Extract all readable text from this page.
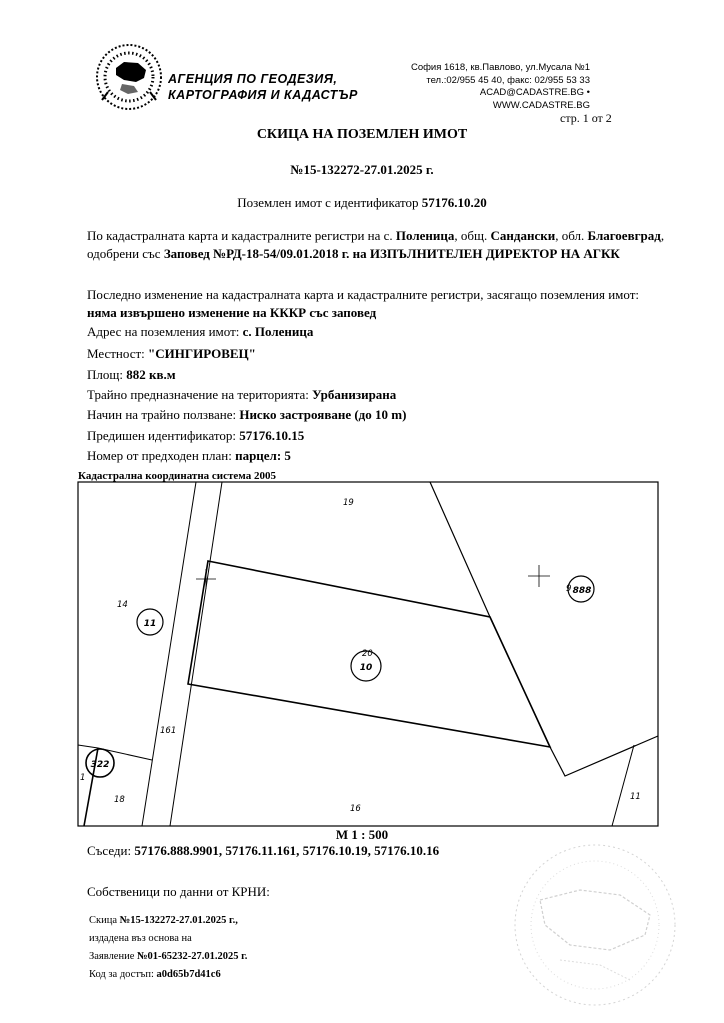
АГЕНЦИЯ ПО ГЕОДЕЗИЯ,
КАРТОГРАФИЯ И КАДАСТЪР
София 1618, кв.Павлово, ул.Мусала №1
тел.:02/955 45 40, факс: 02/955 53 33
ACAD@CADASTRE.BG • WWW.CADASTRE.BG
стр. 1 от 2
СКИЦА НА ПОЗЕМЛЕН ИМОТ
№15-132272-27.01.2025 г.
Поземлен имот с идентификатор 57176.10.20
По кадастралната карта и кадастралните регистри на с. Поленица, общ. Сандански, обл. Благоевград, одобрени със Заповед №РД-18-54/09.01.2018 г. на ИЗПЪЛНИТЕЛЕН ДИРЕКТОР НА АГКК
Последно изменение на кадастралната карта и кадастралните регистри, засягащо поземления имот: няма извършено изменение на КККР със заповед
Адрес на поземления имот: с. Поленица
Местност: "СИНГИРОВЕЦ"
Площ: 882 кв.м
Трайно предназначение на територията: Урбанизирана
Начин на трайно ползване: Ниско застрояване (до 10 m)
Предишен идентификатор: 57176.10.15
Номер от предходен план: парцел: 5
Кадастрална координатна система 2005
19
14
20
161
18
16
11
1
9
11
10
322
888
М 1 : 500
Съседи: 57176.888.9901, 57176.11.161, 57176.10.19, 57176.10.16
Собственици по данни от КРНИ:
Скица №15-132272-27.01.2025 г.,
издадена въз основа на
Заявление №01-65232-27.01.2025 г.
Код за достъп: a0d65b7d41c6
